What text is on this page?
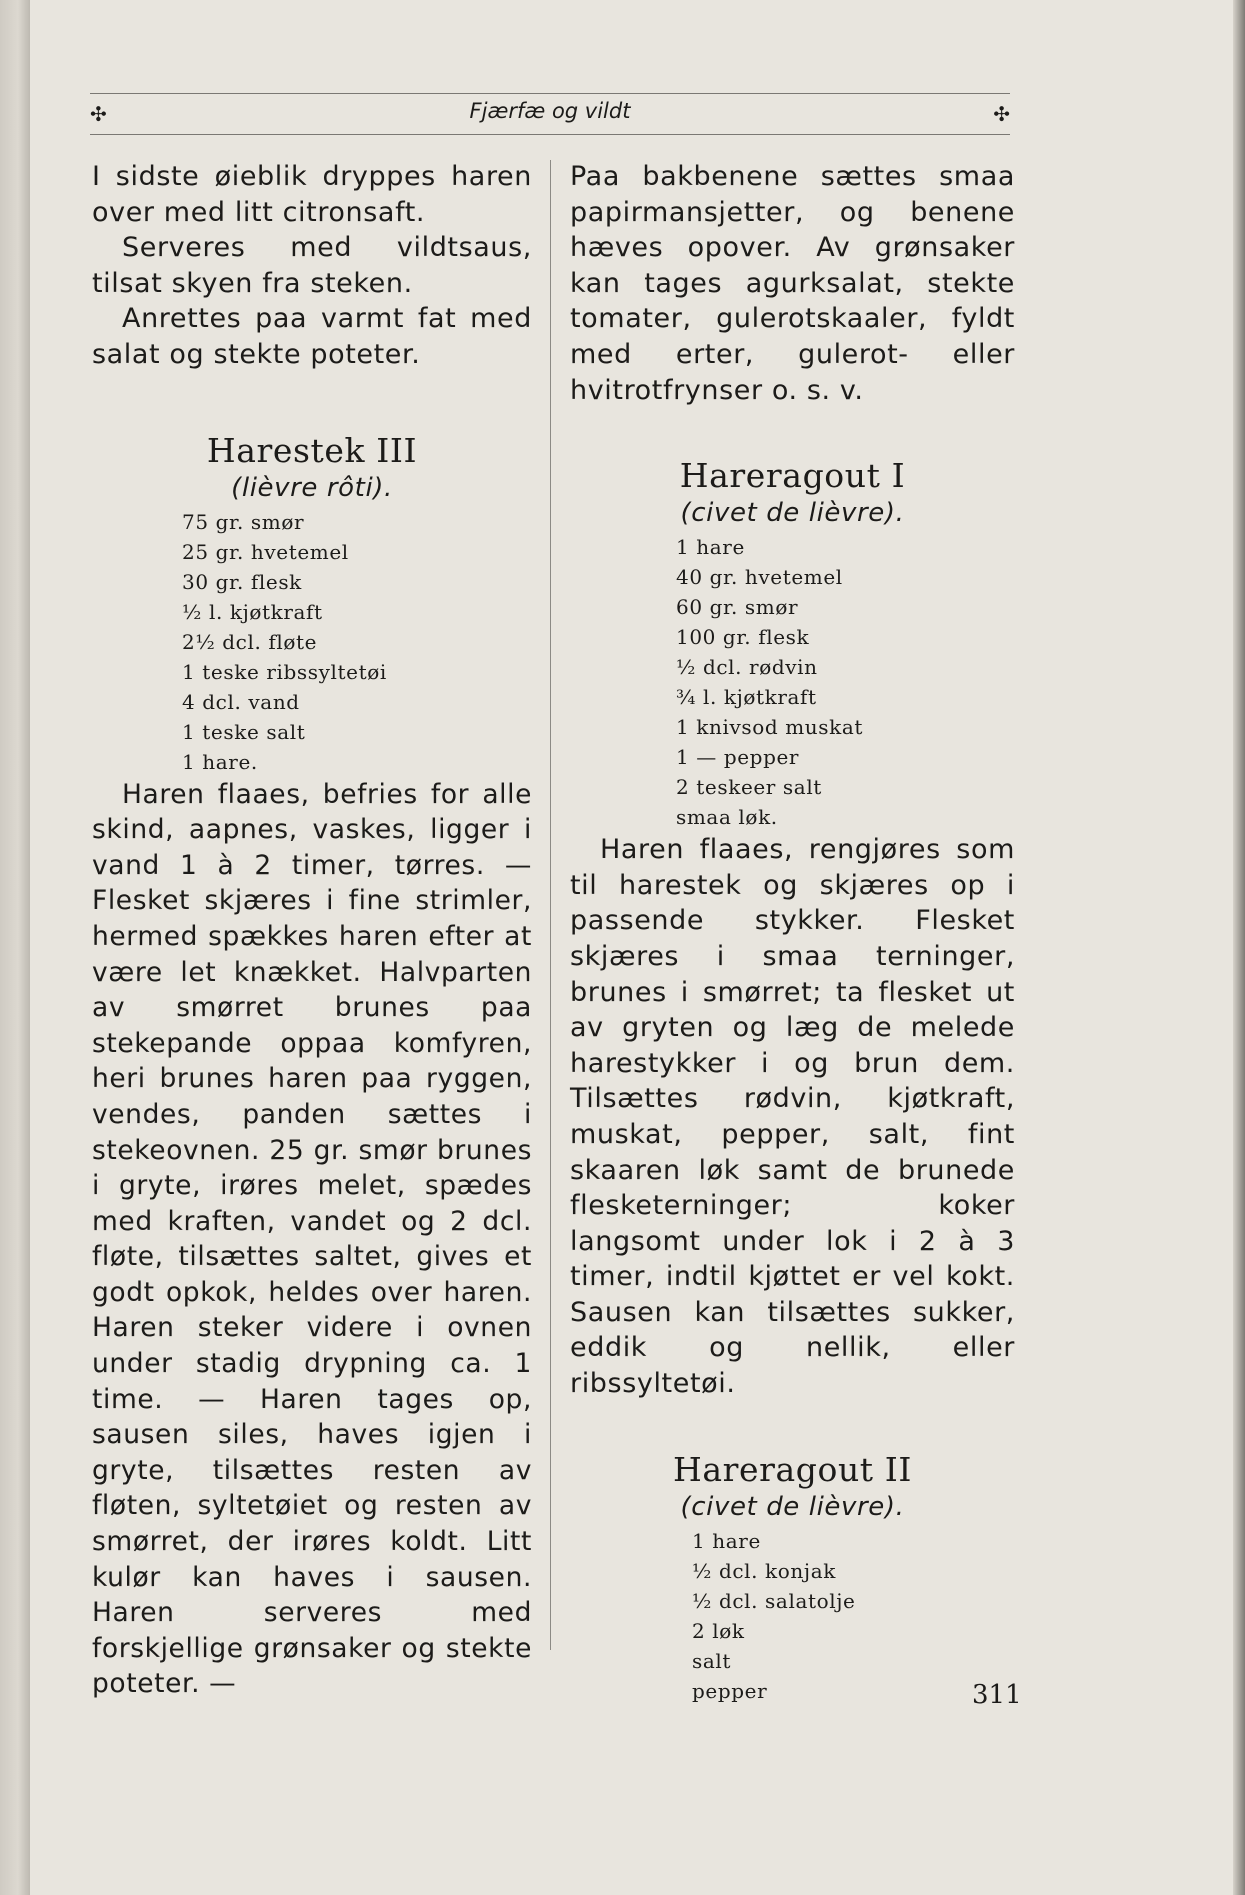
✣	Fjærfæ og vildt	✣

I sidste øieblik dryppes haren over med litt citronsaft.

Serveres med vildtsaus, tilsat skyen fra steken.

Anrettes paa varmt fat med salat og stekte poteter.

Harestek III
(lièvre rôti).
75 gr. smør
25 gr. hvetemel
30 gr. flesk
½ l. kjøtkraft
2½ dcl. fløte
1 teske ribssyltetøi
4 dcl. vand
1 teske salt
1 hare.

Haren flaaes, befries for alle skind, aapnes, vaskes, ligger i vand 1 à 2 timer, tørres. — Flesket skjæres i fine strimler, hermed spækkes haren efter at være let knækket. Halvparten av smørret brunes paa stekepande oppaa komfyren, heri brunes haren paa ryggen, vendes, panden sættes i stekeovnen. 25 gr. smør brunes i gryte, irøres melet, spædes med kraften, vandet og 2 dcl. fløte, tilsættes saltet, gives et godt opkok, heldes over haren. Haren steker videre i ovnen under stadig drypning ca. 1 time. — Haren tages op, sausen siles, haves igjen i gryte, tilsættes resten av fløten, syltetøiet og resten av smørret, der irøres koldt. Litt kulør kan haves i sausen. Haren serveres med forskjellige grønsaker og stekte poteter. —

Paa bakbenene sættes smaa papirmansjetter, og benene hæves opover. Av grønsaker kan tages agurksalat, stekte tomater, gulerotskaaler, fyldt med erter, gulerot- eller hvitrotfrynser o. s. v.

Hareragout I
(civet de lièvre).
1 hare
40 gr. hvetemel
60 gr. smør
100 gr. flesk
½ dcl. rødvin
¾ l. kjøtkraft
1 knivsod muskat
1 — pepper
2 teskeer salt
smaa løk.

Haren flaaes, rengjøres som til harestek og skjæres op i passende stykker. Flesket skjæres i smaa terninger, brunes i smørret; ta flesket ut av gryten og læg de melede harestykker i og brun dem. Tilsættes rødvin, kjøtkraft, muskat, pepper, salt, fint skaaren løk samt de brunede flesketerninger; koker langsomt under lok i 2 à 3 timer, indtil kjøttet er vel kokt. Sausen kan tilsættes sukker, eddik og nellik, eller ribssyltetøi.

Hareragout II
(civet de lièvre).
1 hare
½ dcl. konjak
½ dcl. salatolje
2 løk
salt
pepper	311
